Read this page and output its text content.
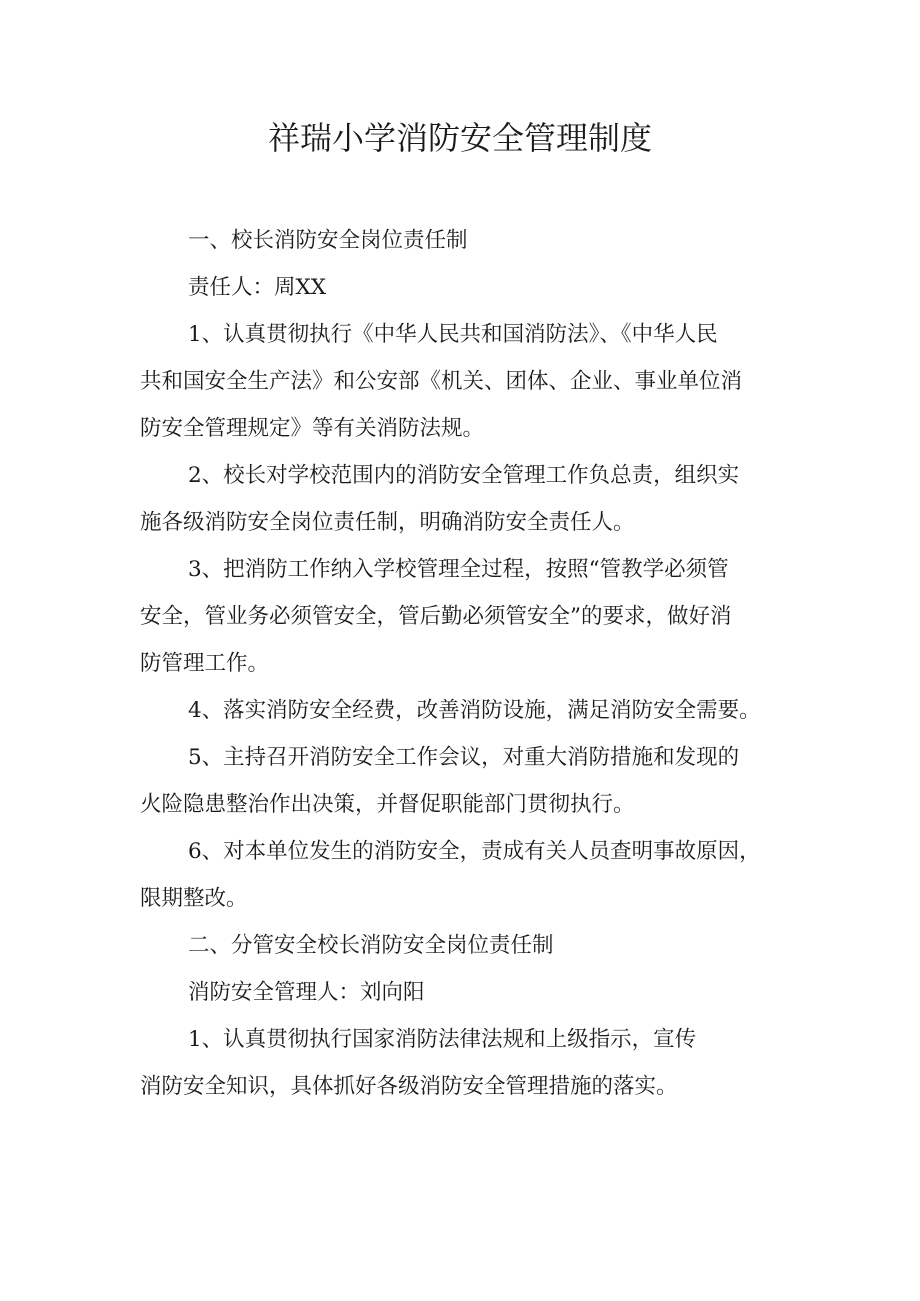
祥瑞小学消防安全管理制度

一、校长消防安全岗位责任制

责任人：周XX

1、认真贯彻执行《中华人民共和国消防法》、《中华人民

共和国安全生产法》和公安部《机关、团体、企业、事业单位消

防安全管理规定》等有关消防法规。

2、校长对学校范围内的消防安全管理工作负总责，组织实

施各级消防安全岗位责任制，明确消防安全责任人。

3、把消防工作纳入学校管理全过程，按照“管教学必须管

安全，管业务必须管安全，管后勤必须管安全”的要求，做好消

防管理工作。

4、落实消防安全经费，改善消防设施，满足消防安全需要。

5、主持召开消防安全工作会议，对重大消防措施和发现的

火险隐患整治作出决策，并督促职能部门贯彻执行。

6、对本单位发生的消防安全，责成有关人员查明事故原因，

限期整改。

二、分管安全校长消防安全岗位责任制

消防安全管理人：刘向阳

1、认真贯彻执行国家消防法律法规和上级指示，宣传

消防安全知识，具体抓好各级消防安全管理措施的落实。
